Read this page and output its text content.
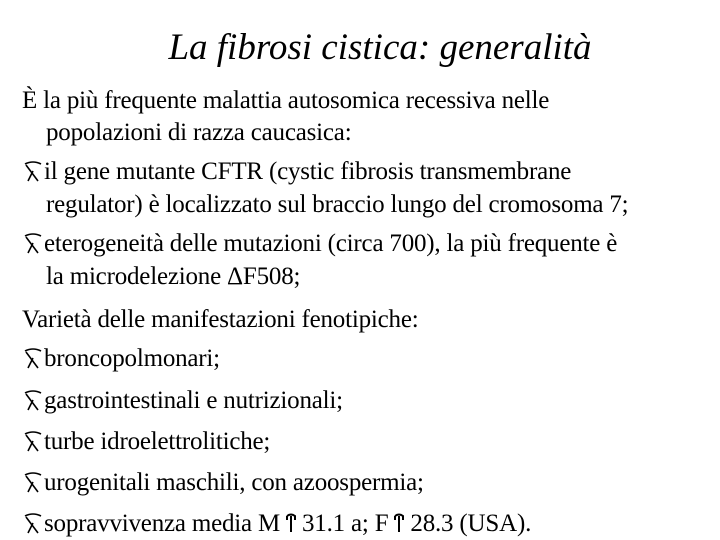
La fibrosi cistica: generalità
È la più frequente malattia autosomica recessiva nelle
popolazioni di razza caucasica:
il gene mutante CFTR (cystic fibrosis transmembrane
regulator) è localizzato sul braccio lungo del cromosoma 7;
eterogeneità delle mutazioni (circa 700), la più frequente è
la microdelezione ΔF508;
Varietà delle manifestazioni fenotipiche:
broncopolmonari;
gastrointestinali e nutrizionali;
turbe idroelettrolitiche;
urogenitali maschili, con azoospermia;
sopravvivenza media M 31.1 a; F 28.3 (USA).
